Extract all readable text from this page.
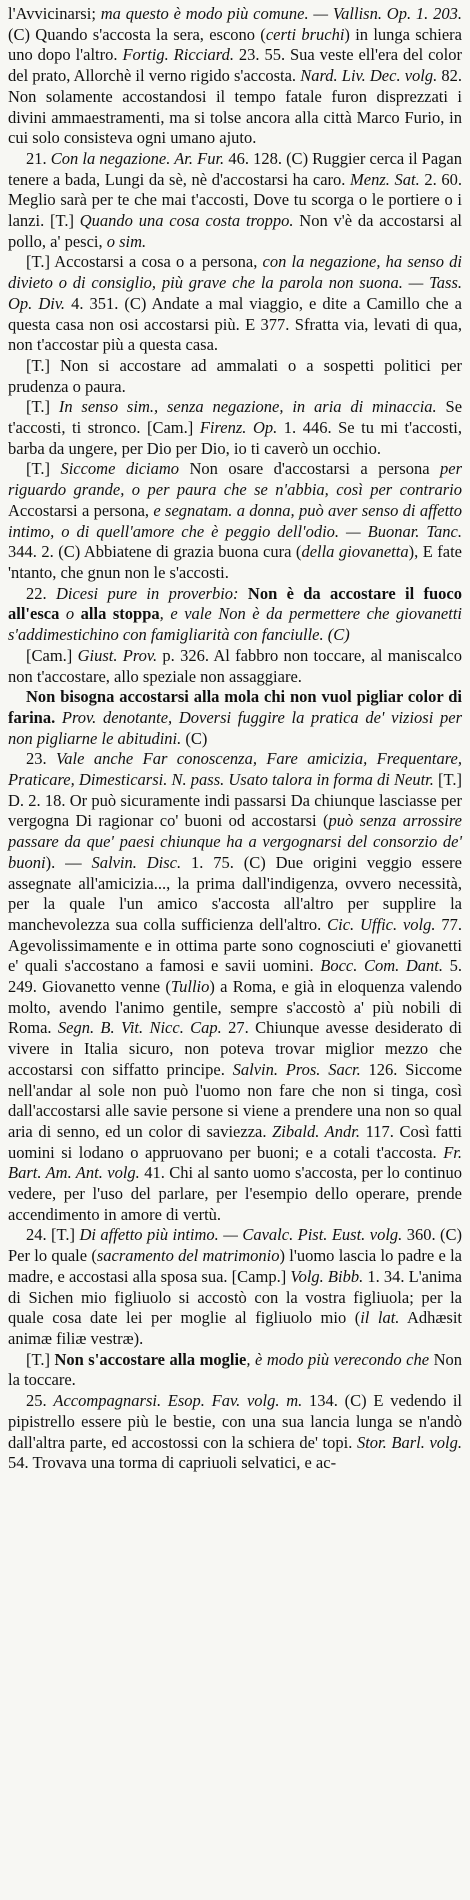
l'Avvicinarsi; ma questo è modo più comune. — Vallisn. Op. 1. 203. (C) Quando s'accosta la sera, escono (certi bruchi) in lunga schiera uno dopo l'altro. Fortig. Ricciard. 23. 55. Sua veste ell'era del color del prato, Allorchè il verno rigido s'accosta. Nard. Liv. Dec. volg. 82. Non solamente accostandosi il tempo fatale furon disprezzati i divini ammaestramenti, ma si tolse ancora alla città Marco Furio, in cui solo consisteva ogni umano ajuto.

21. Con la negazione. Ar. Fur. 46. 128. (C) Ruggier cerca il Pagan tenere a bada, Lungi da sè, nè d'accostarsi ha caro. Menz. Sat. 2. 60. Meglio sarà per te che mai t'accosti, Dove tu scorga o le portiere o i lanzi. [T.] Quando una cosa costa troppo. Non v'è da accostarsi al pollo, a' pesci, o sim.

[T.] Accostarsi a cosa o a persona, con la negazione, ha senso di divieto o di consiglio, più grave che la parola non suona. — Tass. Op. Div. 4. 351. (C) Andate a mal viaggio, e dite a Camillo che a questa casa non osi accostarsi più. E 377. Sfratta via, levati di qua, non t'accostar più a questa casa.

[T.] Non si accostare ad ammalati o a sospetti politici per prudenza o paura.

[T.] In senso sim., senza negazione, in aria di minaccia. Se t'accosti, ti stronco. [Cam.] Firenz. Op. 1. 446. Se tu mi t'accosti, barba da ungere, per Dio per Dio, io ti caverò un occhio.

[T.] Siccome diciamo Non osare d'accostarsi a persona per riguardo grande, o per paura che se n'abbia, così per contrario Accostarsi a persona, e segnatam. a donna, può aver senso di affetto intimo, o di quell'amore che è peggio dell'odio. — Buonar. Tanc. 344. 2. (C) Abbiatene di grazia buona cura (della giovanetta), E fate 'ntanto, che gnun non le s'accosti.

22. Dicesi pure in proverbio: Non è da accostare il fuoco all'esca o alla stoppa, e vale Non è da permettere che giovanetti s'addimestichino con famigliarità con fanciulle. (C)

[Cam.] Giust. Prov. p. 326. Al fabbro non toccare, al maniscalco non t'accostare, allo speziale non assaggiare.

Non bisogna accostarsi alla mola chi non vuol pigliar color di farina. Prov. denotante, Doversi fuggire la pratica de' viziosi per non pigliarne le abitudini. (C)

23. Vale anche Far conoscenza, Fare amicizia, Frequentare, Praticare, Dimesticarsi. N. pass. Usato talora in forma di Neutr. [T.] D. 2. 18. Or può sicuramente indi passarsi Da chiunque lasciasse per vergogna Di ragionar co' buoni od accostarsi (può senza arrossire passare da que' paesi chiunque ha a vergognarsi del consorzio de' buoni). — Salvin. Disc. 1. 75. (C) Due origini veggio essere assegnate all'amicizia..., la prima dall'indigenza, ovvero necessità, per la quale l'un amico s'accosta all'altro per supplire la manchevolezza sua colla sufficienza dell'altro. Cic. Uffic. volg. 77. Agevolissimamente e in ottima parte sono cognosciuti e' giovanetti e' quali s'accostano a famosi e savii uomini. Bocc. Com. Dant. 5. 249. Giovanetto venne (Tullio) a Roma, e già in eloquenza valendo molto, avendo l'animo gentile, sempre s'accostò a' più nobili di Roma. Segn. B. Vit. Nicc. Cap. 27. Chiunque avesse desiderato di vivere in Italia sicuro, non poteva trovar miglior mezzo che accostarsi con siffatto principe. Salvin. Pros. Sacr. 126. Siccome nell'andar al sole non può l'uomo non fare che non si tinga, così dall'accostarsi alle savie persone si viene a prendere una non so qual aria di senno, ed un color di saviezza. Zibald. Andr. 117. Così fatti uomini si lodano o appruovano per buoni; e a cotali t'accosta. Fr. Bart. Am. Ant. volg. 41. Chi al santo uomo s'accosta, per lo continuo vedere, per l'uso del parlare, per l'esempio dello operare, prende accendimento in amore di vertù.

24. [T.] Di affetto più intimo. — Cavalc. Pist. Eust. volg. 360. (C) Per lo quale (sacramento del matrimonio) l'uomo lascia lo padre e la madre, e accostasi alla sposa sua. [Camp.] Volg. Bibb. 1. 34. L'anima di Sichen mio figliuolo si accostò con la vostra figliuola; per la quale cosa date lei per moglie al figliuolo mio (il lat. Adhæsit animæ filiæ vestræ).

[T.] Non s'accostare alla moglie, è modo più verecondo che Non la toccare.

25. Accompagnarsi. Esop. Fav. volg. m. 134. (C) E vedendo il pipistrello essere più le bestie, con una sua lancia lunga se n'andò dall'altra parte, ed accostossi con la schiera de' topi. Stor. Barl. volg. 54. Trovava una torma di capriuoli selvatici, e ac-
